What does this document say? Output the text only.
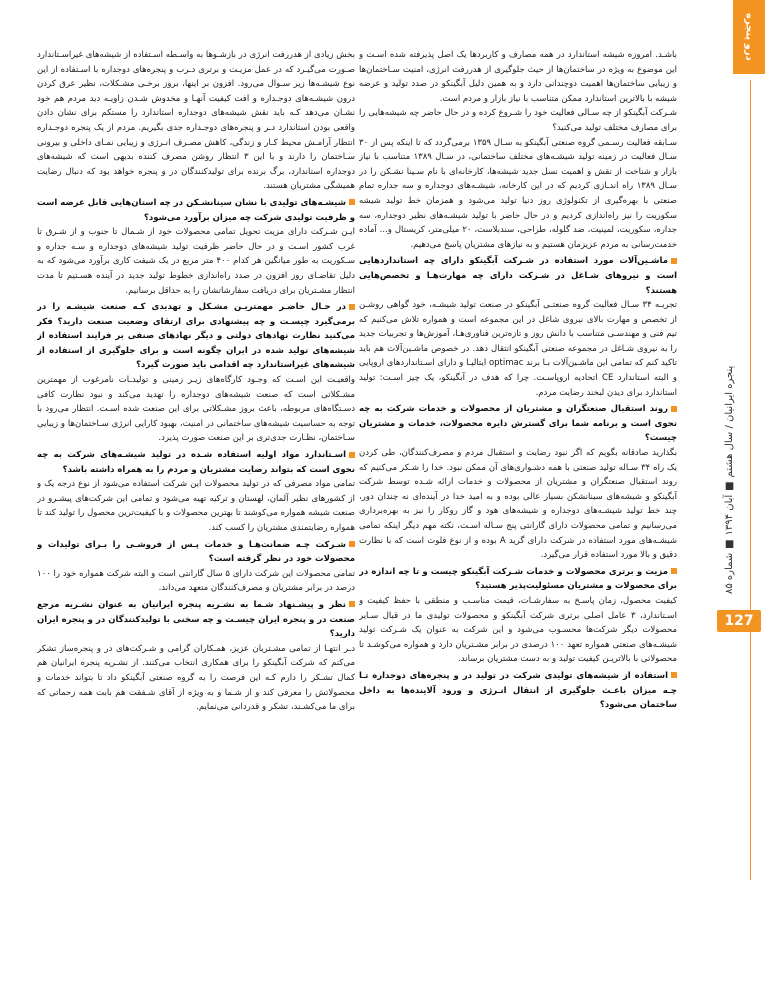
درو پنجره
پنجره ایرانیان / سال هشتم ■ آبان ۱۳۹۴ ■ شماره ۸۵
127

باشـد. امروزه شیشه استاندارد در همه مصارف و کاربردها یک اصل پذیرفته شده اسـت و این موضوع به ویژه در ساختمان‌ها از حیث جلوگیری از هدررفت انرژی، امنیت سـاختمان‌ها و زیبایی ساختمان‌ها اهمیت دوچندانی دارد و به همین دلیل آبگینکو در صدد تولید و عرضه شیشه با بالاترین استاندارد ممکن متناسب با نیاز بازار و مردم است.

شـرکت آبگینکو از چه سـالی فعالیت خود را شـروع کرده و در حال حاضر چه شیشه‌هایی را برای مصارف مختلف تولید می‌کنید؟

سـابقه فعالیت رسـمی گروه صنعتی آبگینکو به سـال ۱۳۵۹ برمی‌گردد که تا اینکه پس از ۳۰ سـال فعالیت در زمینه تولید شیشـه‌های مختلف ساختمانی، در سـال ۱۳۸۹ متناسب با نیاز بازار و شناخت از نقش و اهمیت نسل جدید شیشه‌ها، کارخانه‌ای با نام سـینا نشـکن را در سـال ۱۳۸۹ راه اندـازی کردیم که در این کارخانه، شیشـه‌های دوجداره و سه جداره تمام صنعتی با بهره‌گیری از تکنولوژی روز دنیا تولید می‌شود و همزمان خط تولید شیشه سکوریت را نیز راه‌اندازی کردیم و در حال حاضر با تولید شیشـه‌های نظیر دوجداره، سه جداره، سکوریت، لمینیت، ضد گلوله، طراحی، سندبلاست، ۲۰ میلی‌متر، کریستال و... آماده خدمت‌رسانی به مردم عزیزمان هستیم و به نیازهای مشتریان پاسخ می‌دهیم.

ماشـین‌آلات مورد استفاده در شـرکت آبگینکو دارای چه استانداردهایی است و نیروهای شـاغل در شـرکت دارای چه مهارت‌هـا و تخصص‌هایی هستند؟

تجربـه ۳۴ سـال فعالیت گروه صنعتـی آبگینکو در صنعت تولید شیشـه، خود گواهی روشـن از تخصص و مهارت بالای نیروی شاغل در این مجموعه است و همواره تلاش می‌کنیم که تیم فنی و مهندسـی متناسب با دانش روز و تازه‌ترین فناوری‌هـا، آموزش‌ها و تجربیات جدید را به نیروی شـاغل در مجموعه صنعتی آبگینکو انتقال دهد. در خصوص ماشـین‌آلات هم باید تاکید کنم که تمامی این ماشـین‌آلات بـا برند optimac ایتالیـا و دارای اسـتانداردهای اروپایی و البته استاندارد CE اتحادیه اروپاسـت. چرا که هدف در آبگینکو، یک چیز اسـت: تولید استاندارد برای دیدن لبخند رضایت مردم.

روند استقبال صنعتگران و مشتریان از محصولات و خدمات شرکت به چه نحوی است و برنامه شما برای گسترش دایره محصولات، خدمات و مشتریان چیست؟

بگذارید صادقانه بگویم که اگر نبود رضایت و استقبال مردم و مصرف‌کنندگان، طی کردن یک راه ۳۴ سـاله تولید صنعتی با همه دشـواری‌های آن ممکن نبود. خدا را شـکر می‌کنیم که روند استقبال صنعتگران و مشتریان از محصولات و خدمات ارائه شـده توسط شرکت آبگینکو و شیشه‌های سینانشکن بسیار عالی بوده و به امید خدا در آینده‌ای نه چندان دور، چند خط تولید شیشـه‌های دوجداره و شیشه‌های هود و گاز روکار را نیز به بهره‌برداری می‌رسانیم و تمامی محصولات دارای گارانتی پنج سـاله اسـت، نکته مهم دیگر اینکه تمامی شیشـه‌های مورد استفاده در شرکت دارای گرید A بوده و از نوع فلوت است که با نظارت دقیق و بالا مورد استفاده قرار می‌گیرد.

مزیت و برتری محصولات و خدمات شـرکت آبگینکو چیست و تا چه اندازه در برای محصولات و مشتریان مسئولیت‌پذیر هستید؟

کیفیت محصول، زمان پاسـخ به سفارشـات، قیمت مناسـب و منطقی با حفظ کیفیت و اسـتاندارد، ۳ عامل اصلی برتری شرکت آبگینکو و محصولات تولیدی ما در قبال سـایر محصولات دیگر شرکت‌ها محسـوب می‌شود و این شرکت به عنوان یک شـرکت تولید شیشـه‌های صنعتی همواره تعهد ۱۰۰ درصدی در برابر مشـتریان دارد و همواره می‌کوشـد تا محصولاتی با بالاتریـن کیفیت تولید و به دست مشتریان برساند.

استفاده از شیشه‌های تولیدی شرکت در تولید در و پنجره‌های دوجداره تـا چـه میزان باعـث جلوگیری از انتقال انـرژی و ورود آلاینده‌ها به داخل ساختمان می‌شود؟

بخش زیادی از هدررفت انرژی در بازشـوها به واسـطه اسـتفاده از شیشه‌های غیراسـتاندارد صـورت می‌گیـرد که در عمل مزیـت و برتری دـرب و پنجره‌های دوجداره با اسـتفاده از این نوع شیشـه‌ها زیر سـوال می‌رود. افزون بر اینها، بروز برخـی مشـکلات، نظیر عرق کردن درون شیشـه‌های دوجـداره و افت کیفیت آنهـا و مخدوش شـدن زاویـه دید مردم هم خود نشـان می‌دهد کـه باید نقش شیشه‌های دوجداره استاندارد را مستکم برای نشان دادن واقعی بودن استاندارد دـر و پنجره‌های دوجـداره جدی بگیریم. مردم از یک پنجره دوجـداره انتظار آرامـش محیط کـار و زندگی، کاهش مصـرف انـرژی و زیبایی نمـای داخلی و بیرونی سـاختمان را دارند و با این ۳ انتظار روشن مصرف کننده بدیهی است که شیشه‌های دوجداره استاندارد، برگ برنده برای تولیدکنندگان در و پنجره خواهد بود که دنبال رضایت همیشگی مشتریان هستند.

شیشـه‌های تولیدی با نشان سینانشـکن در چه استان‌هایی قابل عرضه است و ظرفیت تولیدی شرکت چه میزان برآورد می‌شود؟

ایـن شـرکت دارای مزیت تحویل تمامی محصولات خود از شـمال تا جنوب و از شـرق تا غرب کشور اسـت و در حال حاضر ظرفیت تولید شیشه‌های دوجداره و سـه جداره و سـکوریت به طور میانگین هر کدام ۴۰۰ متر مربع در یک شیفت کاری برآورد می‌شود که به دلیل تقاضـای روز افزون در صدد راه‌اندازی خطوط تولید جدید در آینده هسـتیم تا مدت انتظار مشـتریان برای دریافت سفارشاتشان را به حداقل برسانیم.

در حـال حاضـر مهمتریـن مشـکل و تهدیدی کـه صنعت شیشـه را در برمی‌گیرد چیسـت و چه پیشنهادی برای ارتقای وضعیت صنعت دارید؟ فکر می‌کنید نظارت نهادهای دولتی و دیگر نهادهای صنفی بر فرایند استفاده از شیشه‌های تولید شده در ایران چگونه است و برای جلوگیری از استفاده از شیشه‌های غیراستاندارد چه اقدامی باید صورت گیرد؟

واقعیـت این اسـت که وجـود کارگاه‌های زیـر زمینی و تولیدـات نامرغوب از مهمترین مشـکلاتی است که صنعت شیشه‌های دوجداره را تهدید می‌کند و نبود نظارت کافی دسـتگاه‌های مربوطه، باعث بروز مشـکلاتی برای این صنعت شده اسـت. انتظار می‌رود با توجه به حساسیت شیشه‌های ساختمانی در امنیت، بهبود کارایی انرژی سـاختمان‌ها و زیبایی سـاختمان، نظـارت جدی‌تری بر این صنعت صورت پذیرد.

اسـتاندارد مواد اولیه استفاده شـده در تولید شیشـه‌های شرکت به چه نحوی است که بتواند رضایت مشتریان و مردم را به همراه داشته باشد؟

تمامی مواد مصرفی که در تولید محصولات این شرکت استفاده می‌شود از نوع درجه یک و از کشورهای نظیر آلمان، لهستان و ترکیه تهیه می‌شود و تمامی این شرکت‌های پیشـرو در صنعت شیشه همواره می‌کوشند تا بهترین محصولات و با کیفیت‌ترین محصول را تولید کند تا همواره رضایتمندی مشتریان را کسب کند.

شـرکت چـه ضمانت‌هـا و خدمات پـس از فروشـی را بـرای تولیدات و محصولات خود در نظر گرفته است؟

تمامی محصولات این شرکت دارای ۵ سال گارانتی است و البته شرکت همواره خود را ۱۰۰ درصد در برابر مشتریان و مصرف‌کنندگان متعهد می‌داند.

نظر و پیشـنهاد شـما به نشـریه پنجره ایرانیان به عنوان نشـریه مرجع صنعت در و پنجره ایران چیسـت و چه سخنی با تولیدکنندگان در و پنجره ایران دارید؟

دـر انتهـا از تمامی مشـتریان عزیز، همـکاران گرامی و شـرکت‌های در و پنجره‌ساز تشکر می‌کنم که شرکت آبگینکو را برای همکاری انتخاب می‌کنند. از نشـریه پنجره ایرانیان هم کمال تشـکر را دارم کـه این فرصت را به گروه صنعتی آبگینکو داد تا بتواند خدمات و محصولاتش را معرفی کند و از شـما و به ویژه از آقای شـفقت هم بابت همه زحماتی که برای ما می‌کشـند، تشکر و قدردانی می‌نمایم.
